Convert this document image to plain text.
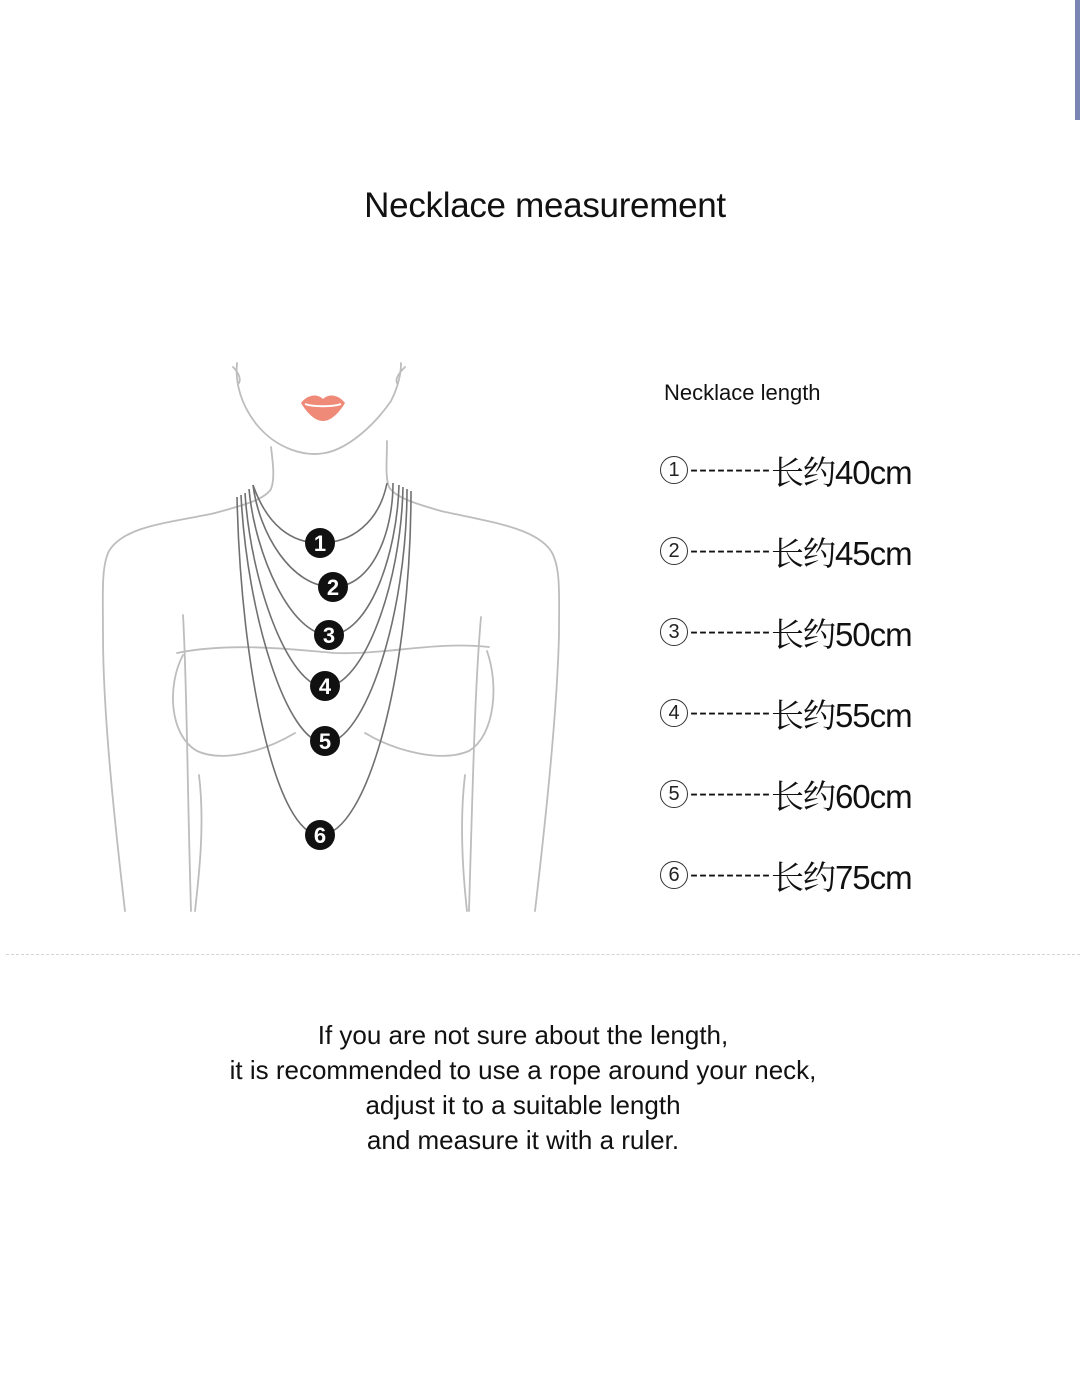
Necklace measurement
1
2
3
4
5
6
Necklace length
1 --------- 长约40cm
2 --------- 长约45cm
3 --------- 长约50cm
4 --------- 长约55cm
5 --------- 长约60cm
6 --------- 长约75cm
If you are not sure about the length,
it is recommended to use a rope around your neck,
adjust it to a suitable length
and measure it with a ruler.
